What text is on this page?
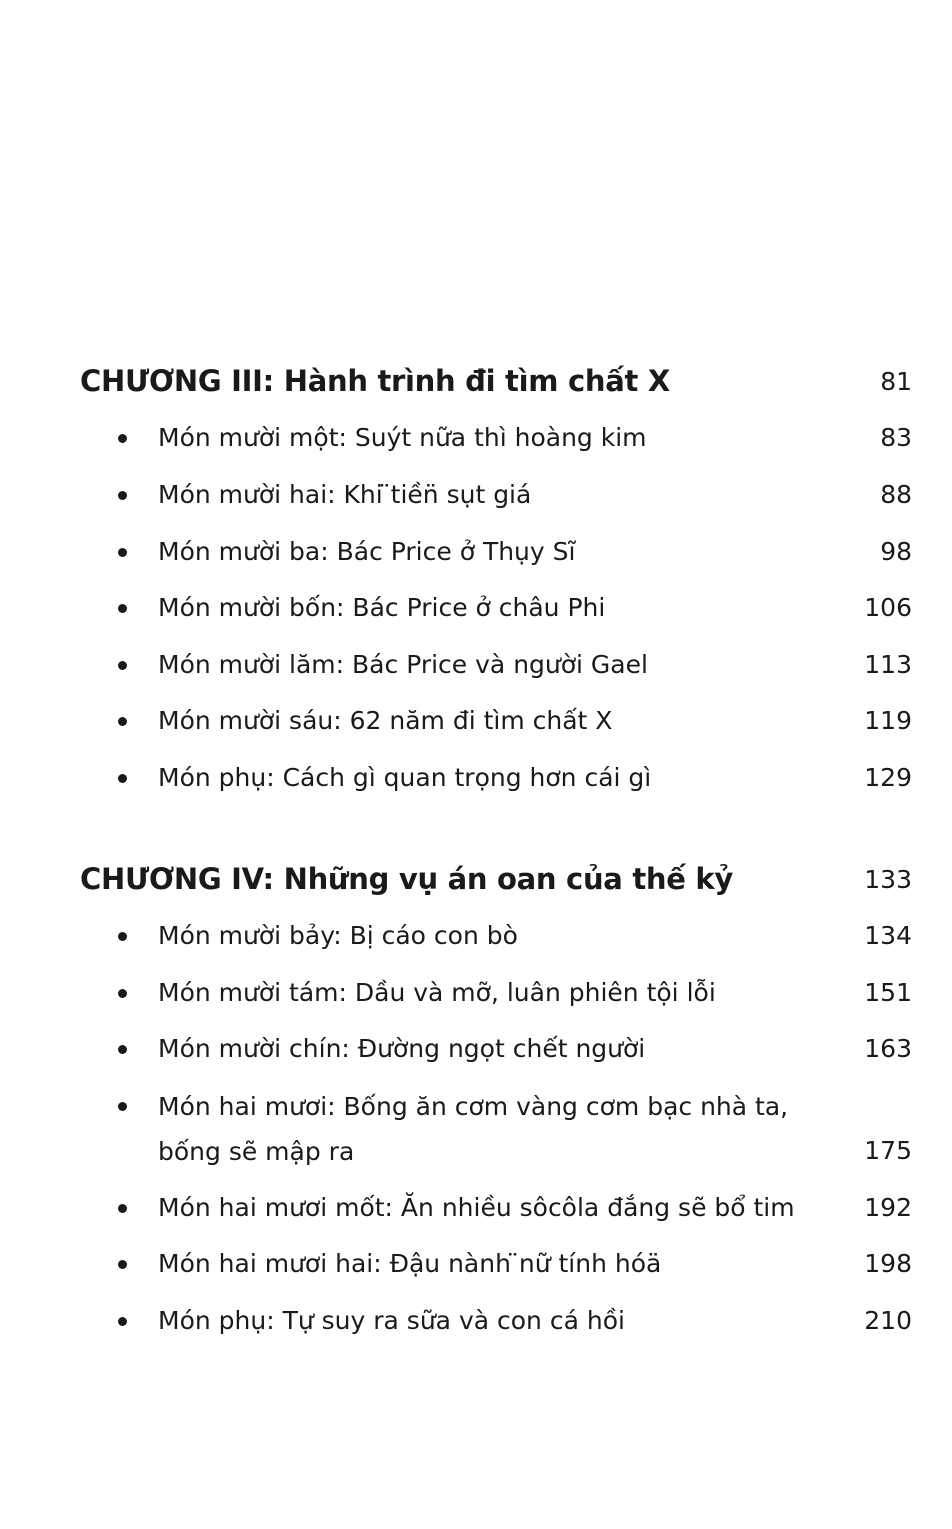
CHƯƠNG III: Hành trình đi tìm chất X	81
Món mười một: Suýt nữa thì hoàng kim	83
Món mười hai: Khi ̈tiền̈ sụt giá	88
Món mười ba: Bác Price ở Thụy Sĩ	98
Món mười bốn: Bác Price ở châu Phi	106
Món mười lăm: Bác Price và người Gael	113
Món mười sáu: 62 năm đi tìm chất X	119
Món phụ: Cách gì quan trọng hơn cái gì	129
CHƯƠNG IV: Những vụ án oan của thế kỷ	133
Món mười bảy: Bị cáo con bò	134
Món mười tám: Dầu và mỡ, luân phiên tội lỗi	151
Món mười chín: Đường ngọt chết người	163
Món hai mươi: Bống ăn cơm vàng cơm bạc nhà ta, bống sẽ mập ra	175
Món hai mươi mốt: Ăn nhiều sôcôla đắng sẽ bổ tim	192
Món hai mươi hai: Đậu nành ̈nữ tính hóä	198
Món phụ: Tự suy ra sữa và con cá hồi	210
